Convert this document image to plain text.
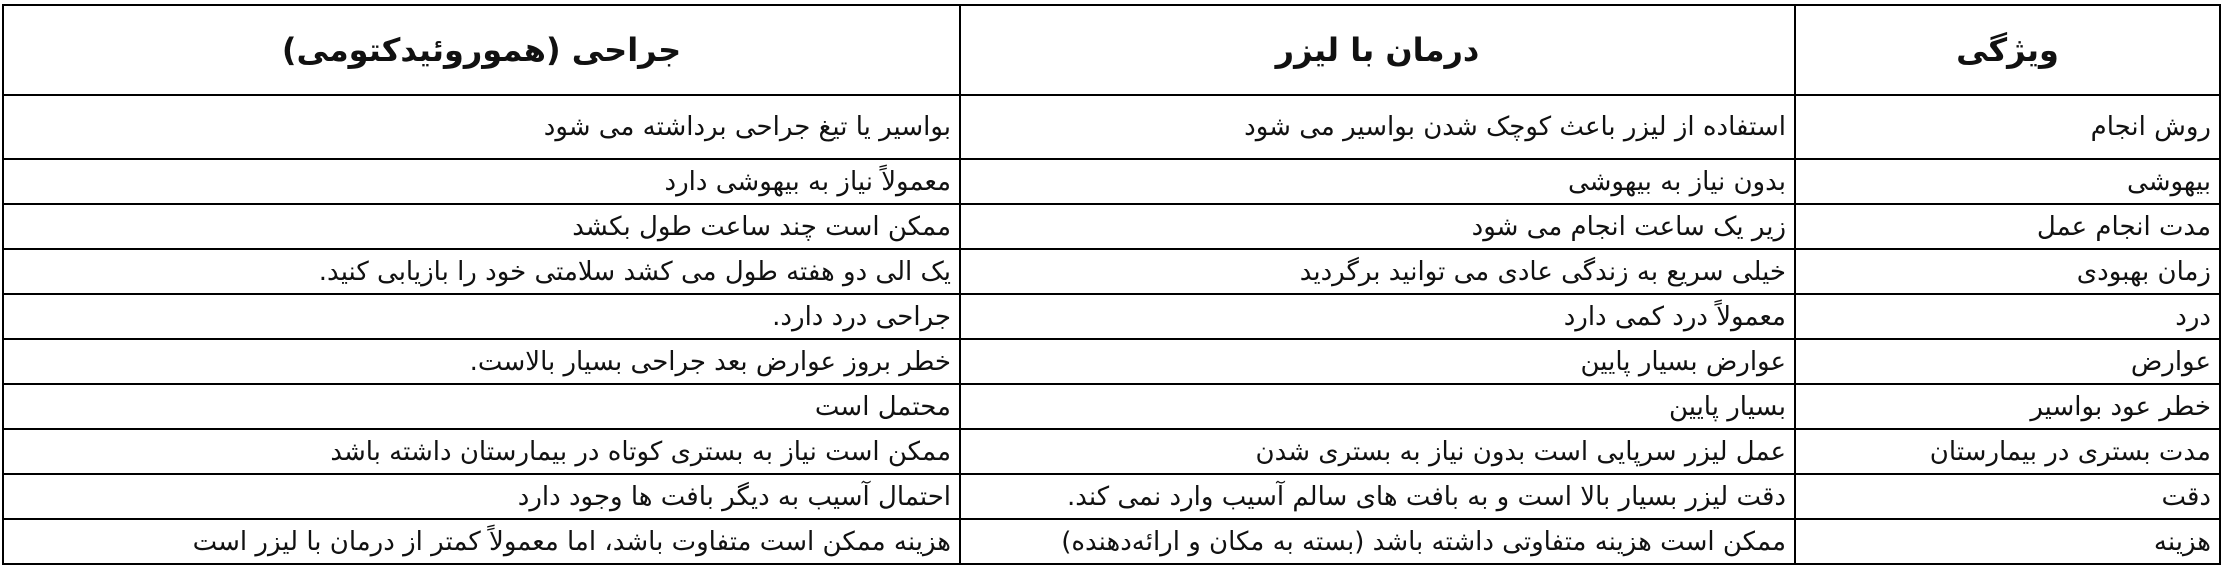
ویژگی	درمان با لیزر	جراحی (هموروئیدکتومی)
روش انجام	استفاده از لیزر باعث کوچک شدن بواسیر می شود	بواسیر یا تیغ جراحی برداشته می شود
بیهوشی	بدون نیاز به بیهوشی	معمولاً نیاز به بیهوشی دارد
مدت انجام عمل	زیر یک ساعت انجام می شود	ممکن است چند ساعت طول بکشد
زمان بهبودی	خیلی سریع به زندگی عادی می توانید برگردید	یک الی دو هفته طول می کشد سلامتی خود را بازیابی کنید.
درد	معمولاً درد کمی دارد	جراحی درد دارد.
عوارض	عوارض بسیار پایین	خطر بروز عوارض بعد جراحی بسیار بالاست.
خطر عود بواسیر	بسیار پایین	محتمل است
مدت بستری در بیمارستان	عمل لیزر سرپایی است بدون نیاز به بستری شدن	ممکن است نیاز به بستری کوتاه در بیمارستان داشته باشد
دقت	دقت لیزر بسیار بالا است و به بافت های سالم آسیب وارد نمی کند.	احتمال آسیب به دیگر بافت ها وجود دارد
هزینه	ممکن است هزینه متفاوتی داشته باشد (بسته به مکان و ارائه‌دهنده)	هزینه ممکن است متفاوت باشد، اما معمولاً کمتر از درمان با لیزر است
